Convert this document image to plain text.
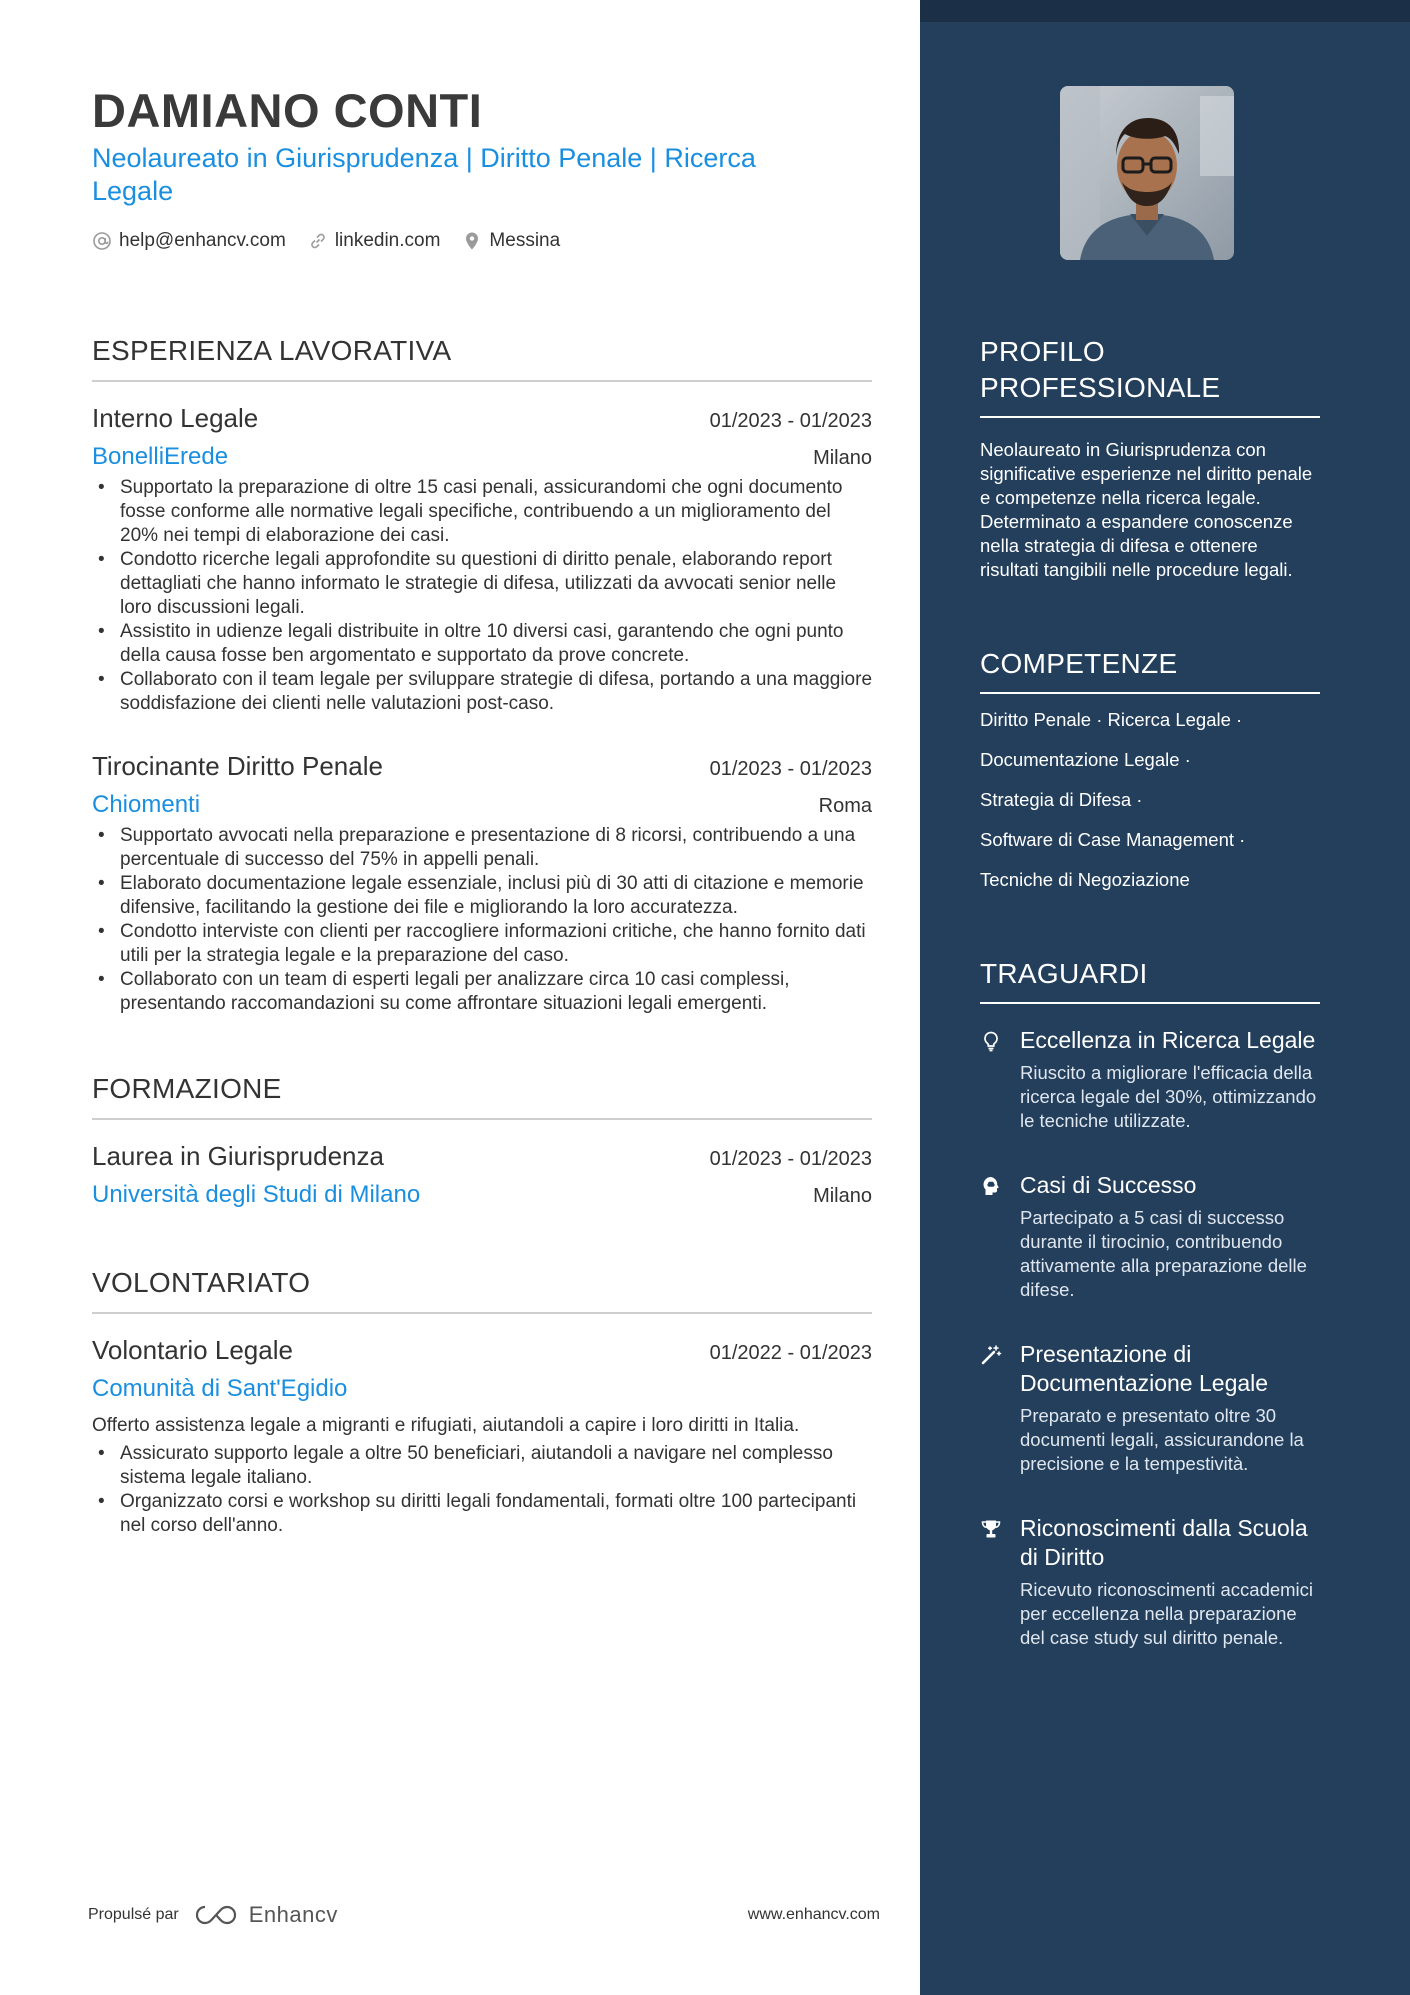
DAMIANO CONTI
Neolaureato in Giurisprudenza | Diritto Penale | Ricerca Legale
help@enhancv.com	linkedin.com	Messina
ESPERIENZA LAVORATIVA
Interno Legale	01/2023 - 01/2023
BonelliErede	Milano
• Supportato la preparazione di oltre 15 casi penali, assicurandomi che ogni documento fosse conforme alle normative legali specifiche, contribuendo a un miglioramento del 20% nei tempi di elaborazione dei casi.
• Condotto ricerche legali approfondite su questioni di diritto penale, elaborando report dettagliati che hanno informato le strategie di difesa, utilizzati da avvocati senior nelle loro discussioni legali.
• Assistito in udienze legali distribuite in oltre 10 diversi casi, garantendo che ogni punto della causa fosse ben argomentato e supportato da prove concrete.
• Collaborato con il team legale per sviluppare strategie di difesa, portando a una maggiore soddisfazione dei clienti nelle valutazioni post-caso.
Tirocinante Diritto Penale	01/2023 - 01/2023
Chiomenti	Roma
• Supportato avvocati nella preparazione e presentazione di 8 ricorsi, contribuendo a una percentuale di successo del 75% in appelli penali.
• Elaborato documentazione legale essenziale, inclusi più di 30 atti di citazione e memorie difensive, facilitando la gestione dei file e migliorando la loro accuratezza.
• Condotto interviste con clienti per raccogliere informazioni critiche, che hanno fornito dati utili per la strategia legale e la preparazione del caso.
• Collaborato con un team di esperti legali per analizzare circa 10 casi complessi, presentando raccomandazioni su come affrontare situazioni legali emergenti.
FORMAZIONE
Laurea in Giurisprudenza	01/2023 - 01/2023
Università degli Studi di Milano	Milano
VOLONTARIATO
Volontario Legale	01/2022 - 01/2023
Comunità di Sant'Egidio
Offerto assistenza legale a migranti e rifugiati, aiutandoli a capire i loro diritti in Italia.
• Assicurato supporto legale a oltre 50 beneficiari, aiutandoli a navigare nel complesso sistema legale italiano.
• Organizzato corsi e workshop su diritti legali fondamentali, formati oltre 100 partecipanti nel corso dell'anno.
Propulsé par	Enhancv	www.enhancv.com
PROFILO PROFESSIONALE
Neolaureato in Giurisprudenza con significative esperienze nel diritto penale e competenze nella ricerca legale. Determinato a espandere conoscenze nella strategia di difesa e ottenere risultati tangibili nelle procedure legali.
COMPETENZE
Diritto Penale · Ricerca Legale ·
Documentazione Legale ·
Strategia di Difesa ·
Software di Case Management ·
Tecniche di Negoziazione
TRAGUARDI
Eccellenza in Ricerca Legale
Riuscito a migliorare l'efficacia della ricerca legale del 30%, ottimizzando le tecniche utilizzate.
Casi di Successo
Partecipato a 5 casi di successo durante il tirocinio, contribuendo attivamente alla preparazione delle difese.
Presentazione di Documentazione Legale
Preparato e presentato oltre 30 documenti legali, assicurandone la precisione e la tempestività.
Riconoscimenti dalla Scuola di Diritto
Ricevuto riconoscimenti accademici per eccellenza nella preparazione del case study sul diritto penale.
